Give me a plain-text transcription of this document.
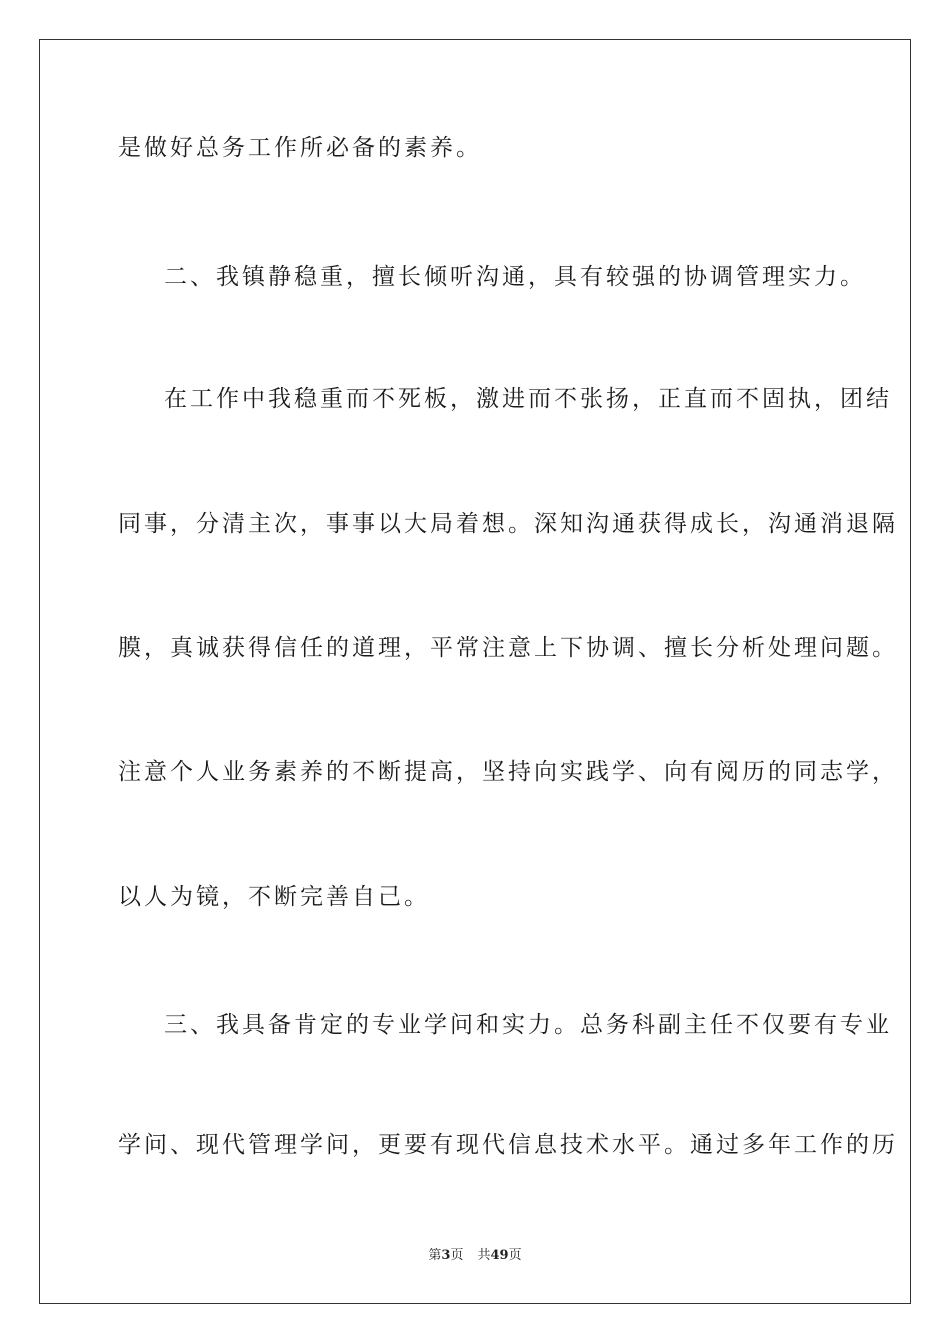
是做好总务工作所必备的素养。
二、我镇静稳重，擅长倾听沟通，具有较强的协调管理实力。
在工作中我稳重而不死板，激进而不张扬，正直而不固执，团结
同事，分清主次，事事以大局着想。深知沟通获得成长，沟通消退隔
膜，真诚获得信任的道理，平常注意上下协调、擅长分析处理问题。
注意个人业务素养的不断提高，坚持向实践学、向有阅历的同志学，
以人为镜，不断完善自己。
三、我具备肯定的专业学问和实力。总务科副主任不仅要有专业
学问、现代管理学问，更要有现代信息技术水平。通过多年工作的历
第3页 共49页
